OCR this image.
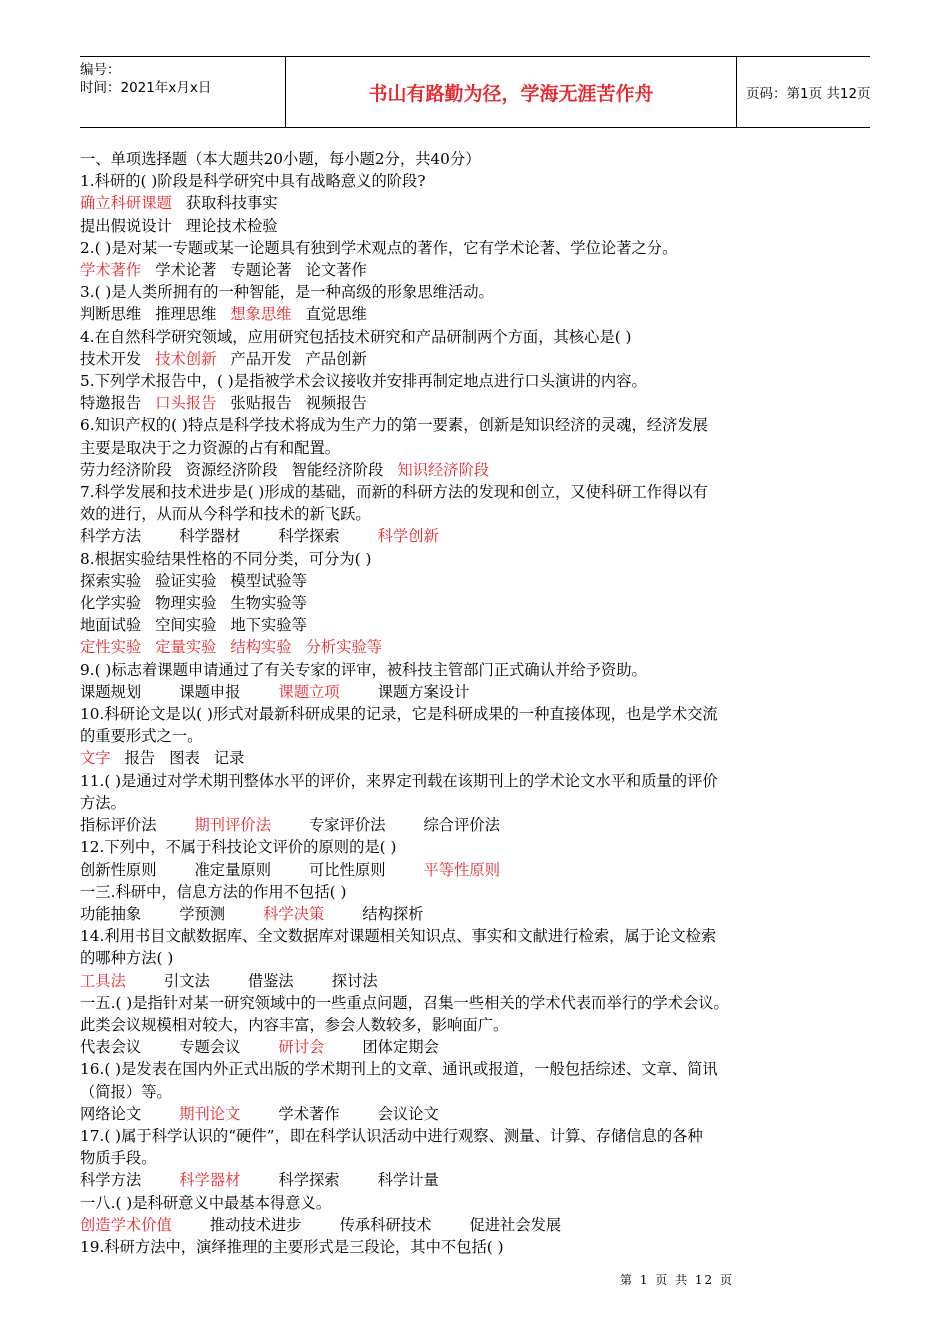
编号：
时间：2021年x月x日	书山有路勤为径，学海无涯苦作舟	页码：第1页 共12页
一、单项选择题（本大题共20小题，每小题2分，共40分）
1.科研的( )阶段是科学研究中具有战略意义的阶段?
确立科研课题 获取科技事实
提出假说设计 理论技术检验
2.( )是对某一专题或某一论题具有独到学术观点的著作，它有学术论著、学位论著之分。
学术著作 学术论著 专题论著 论文著作
3.( )是人类所拥有的一种智能，是一种高级的形象思维活动。
判断思维 推理思维 想象思维 直觉思维
4.在自然科学研究领域，应用研究包括技术研究和产品研制两个方面，其核心是( )
技术开发 技术创新 产品开发 产品创新
5.下列学术报告中，( )是指被学术会议接收并安排再制定地点进行口头演讲的内容。
特邀报告 口头报告 张贴报告 视频报告
6.知识产权的( )特点是科学技术将成为生产力的第一要素，创新是知识经济的灵魂，经济发展
主要是取决于之力资源的占有和配置。
劳力经济阶段 资源经济阶段 智能经济阶段 知识经济阶段
7.科学发展和技术进步是( )形成的基础，而新的科研方法的发现和创立，又使科研工作得以有
效的进行，从而从今科学和技术的新飞跃。
科学方法 科学器材 科学探索 科学创新
8.根据实验结果性格的不同分类，可分为( )
探索实验 验证实验 模型试验等
化学实验 物理实验 生物实验等
地面试验 空间实验 地下实验等
定性实验 定量实验 结构实验 分析实验等
9.( )标志着课题申请通过了有关专家的评审，被科技主管部门正式确认并给予资助。
课题规划 课题申报 课题立项 课题方案设计
10.科研论文是以( )形式对最新科研成果的记录，它是科研成果的一种直接体现，也是学术交流
的重要形式之一。
文字 报告 图表 记录
11.( )是通过对学术期刊整体水平的评价，来界定刊载在该期刊上的学术论文水平和质量的评价
方法。
指标评价法 期刊评价法 专家评价法 综合评价法
12.下列中，不属于科技论文评价的原则的是( )
创新性原则 准定量原则 可比性原则 平等性原则
一三.科研中，信息方法的作用不包括( )
功能抽象 学预测 科学决策 结构探析
14.利用书目文献数据库、全文数据库对课题相关知识点、事实和文献进行检索，属于论文检索
的哪种方法( )
工具法 引文法 借鉴法 探讨法
一五.( )是指针对某一研究领域中的一些重点问题，召集一些相关的学术代表而举行的学术会议。
此类会议规模相对较大，内容丰富，参会人数较多，影响面广。
代表会议 专题会议 研讨会 团体定期会
16.( )是发表在国内外正式出版的学术期刊上的文章、通讯或报道，一般包括综述、文章、简讯
（简报）等。
网络论文 期刊论文 学术著作 会议论文
17.( )属于科学认识的“硬件”，即在科学认识活动中进行观察、测量、计算、存储信息的各种
物质手段。
科学方法 科学器材 科学探索 科学计量
一八.( )是科研意义中最基本得意义。
创造学术价值 推动技术进步 传承科研技术 促进社会发展
19.科研方法中，演绎推理的主要形式是三段论，其中不包括( )
第 1 页 共 12 页
